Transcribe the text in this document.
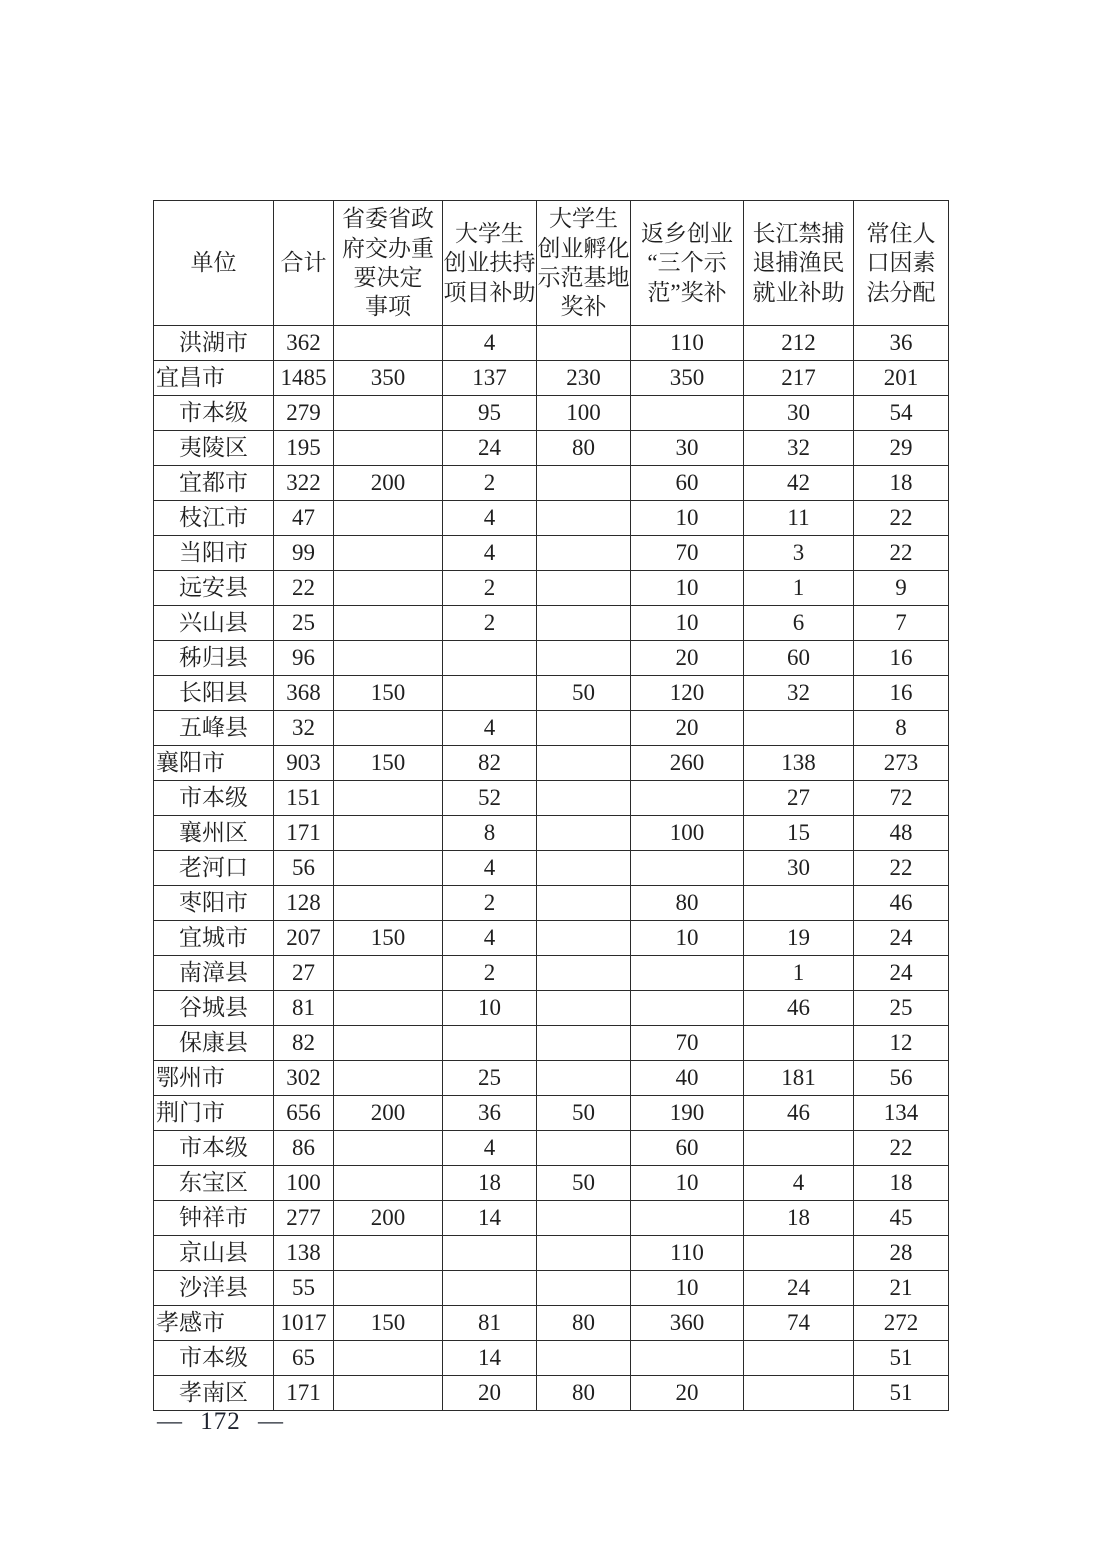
单位	合计	省委省政
府交办重
要决定
事项	大学生
创业扶持
项目补助	大学生
创业孵化
示范基地
奖补	返乡创业
“三个示
范”奖补	长江禁捕
退捕渔民
就业补助	常住人
口因素
法分配
洪湖市	362		4		110	212	36
宜昌市	1485	350	137	230	350	217	201
市本级	279		95	100		30	54
夷陵区	195		24	80	30	32	29
宜都市	322	200	2		60	42	18
枝江市	47		4		10	11	22
当阳市	99		4		70	3	22
远安县	22		2		10	1	9
兴山县	25		2		10	6	7
秭归县	96				20	60	16
长阳县	368	150		50	120	32	16
五峰县	32		4		20		8
襄阳市	903	150	82		260	138	273
市本级	151		52			27	72
襄州区	171		8		100	15	48
老河口	56		4			30	22
枣阳市	128		2		80		46
宜城市	207	150	4		10	19	24
南漳县	27		2			1	24
谷城县	81		10			46	25
保康县	82				70		12
鄂州市	302		25		40	181	56
荆门市	656	200	36	50	190	46	134
市本级	86		4		60		22
东宝区	100		18	50	10	4	18
钟祥市	277	200	14			18	45
京山县	138				110		28
沙洋县	55				10	24	21
孝感市	1017	150	81	80	360	74	272
市本级	65		14				51
孝南区	171		20	80	20		51
— 172 —
